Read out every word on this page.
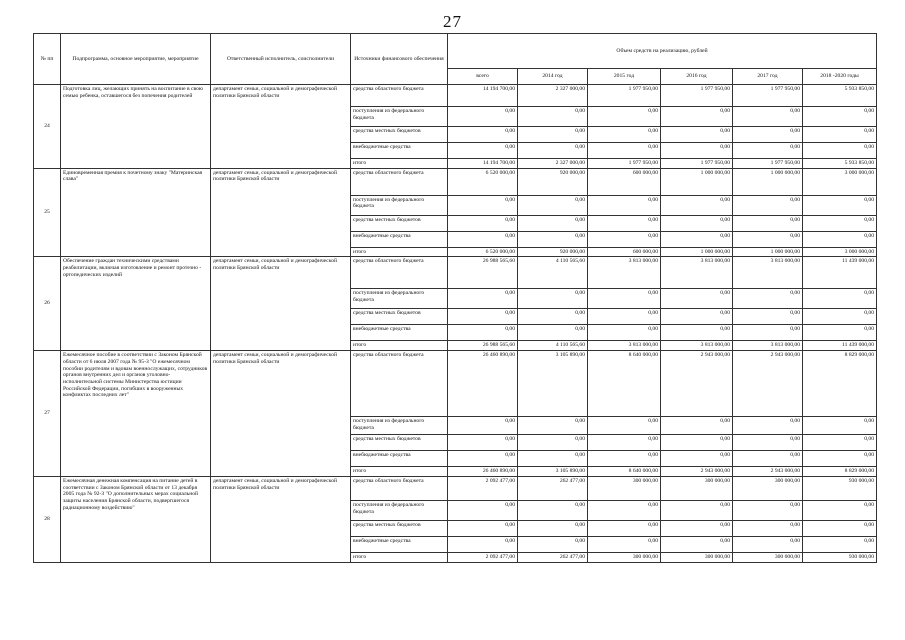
27
№ пп	Подпрограмма, основное мероприятие, мероприятие	Ответственный исполнитель, соисполнители	Источники финансового обеспечения	Объем средств на реализацию, рублей					
				всего	2014 год	2015 год	2016 год	2017 год	2018 -2020 годы
24	Подготовка лиц, желающих принять на воспитание в свою семью ребенка, оставшегося без попечения родителей	департамент семьи, социальной и демографической политики Брянской области	средства областного бюджета	14 194 700,00	2 327 000,00	1 977 950,00	1 977 950,00	1 977 950,00	5 933 850,00
			поступления из федерального бюджета	0,00	0,00	0,00	0,00	0,00	0,00
			средства местных бюджетов	0,00	0,00	0,00	0,00	0,00	0,00
			внебюджетные средства	0,00	0,00	0,00	0,00	0,00	0,00
			итого	14 194 700,00	2 327 000,00	1 977 950,00	1 977 950,00	1 977 950,00	5 933 850,00
25	Единовременная премия к почетному знаку "Материнская слава"	департамент семьи, социальной и демографической политики Брянской области	средства областного бюджета	6 520 000,00	920 000,00	600 000,00	1 000 000,00	1 000 000,00	3 000 000,00
			поступления из федерального бюджета	0,00	0,00	0,00	0,00	0,00	0,00
			средства местных бюджетов	0,00	0,00	0,00	0,00	0,00	0,00
			внебюджетные средства	0,00	0,00	0,00	0,00	0,00	0,00
			итого	6 520 000,00	920 000,00	600 000,00	1 000 000,00	1 000 000,00	3 000 000,00
26	Обеспечение граждан техническими средствами реабилитации, включая изготовление и ремонт протезно - ортопедических изделий	департамент семьи, социальной и демографической политики Брянской области	средства областного бюджета	26 988 565,60	4 110 565,60	3 813 000,00	3 813 000,00	3 813 000,00	11 439 000,00
			поступления из федерального бюджета	0,00	0,00	0,00	0,00	0,00	0,00
			средства местных бюджетов	0,00	0,00	0,00	0,00	0,00	0,00
			внебюджетные средства	0,00	0,00	0,00	0,00	0,00	0,00
			итого	26 988 565,60	4 110 565,60	3 813 000,00	3 813 000,00	3 813 000,00	11 439 000,00
27	Ежемесячное пособие в соответствии с Законом Брянской области от 6 июля 2007 года № 95-З "О ежемесячном пособии родителям и вдовам военнослужащих, сотрудников органов внутренних дел и органов уголовно-исполнительной системы Министерства юстиции Российской Федерации, погибших в вооруженных конфликтах последних лет"	департамент семьи, социальной и демографической политики Брянской области	средства областного бюджета	26 460 890,00	3 105 890,00	8 640 000,00	2 943 000,00	2 943 000,00	8 829 000,00
			поступления из федерального бюджета	0,00	0,00	0,00	0,00	0,00	0,00
			средства местных бюджетов	0,00	0,00	0,00	0,00	0,00	0,00
			внебюджетные средства	0,00	0,00	0,00	0,00	0,00	0,00
			итого	26 460 890,00	3 105 890,00	8 640 000,00	2 943 000,00	2 943 000,00	8 829 000,00
28	Ежемесячная денежная компенсация на питание детей в соответствии с Законом Брянской области от 13 декабря 2005 года № 92-З "О дополнительных мерах социальной защиты населения Брянской области, подвергшегося радиационному воздействию"	департамент семьи, социальной и демографической политики Брянской области	средства областного бюджета	2 092 477,00	262 477,00	300 000,00	300 000,00	300 000,00	930 000,00
			поступления из федерального бюджета	0,00	0,00	0,00	0,00	0,00	0,00
			средства местных бюджетов	0,00	0,00	0,00	0,00	0,00	0,00
			внебюджетные средства	0,00	0,00	0,00	0,00	0,00	0,00
			итого	2 092 477,00	262 477,00	300 000,00	300 000,00	300 000,00	930 000,00
